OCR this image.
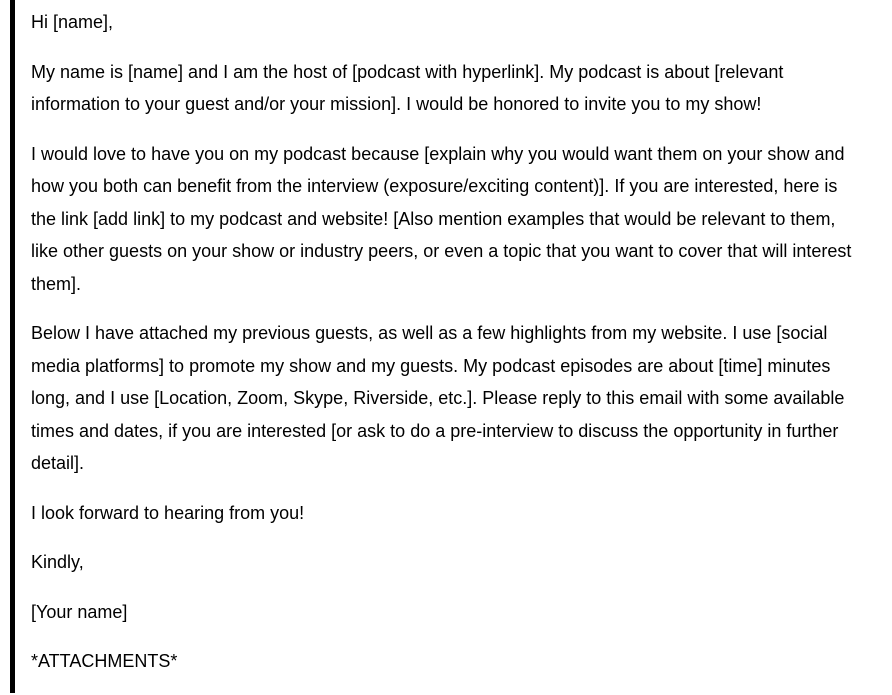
Hi [name],

My name is [name] and I am the host of [podcast with hyperlink]. My podcast is about [relevant information to your guest and/or your mission]. I would be honored to invite you to my show!

I would love to have you on my podcast because [explain why you would want them on your show and how you both can benefit from the interview (exposure/exciting content)]. If you are interested, here is the link [add link] to my podcast and website! [Also mention examples that would be relevant to them, like other guests on your show or industry peers, or even a topic that you want to cover that will interest them].

Below I have attached my previous guests, as well as a few highlights from my website. I use [social media platforms] to promote my show and my guests. My podcast episodes are about [time] minutes long, and I use [Location, Zoom, Skype, Riverside, etc.]. Please reply to this email with some available times and dates, if you are interested [or ask to do a pre-interview to discuss the opportunity in further detail].

I look forward to hearing from you!

Kindly,

[Your name]

*ATTACHMENTS*
